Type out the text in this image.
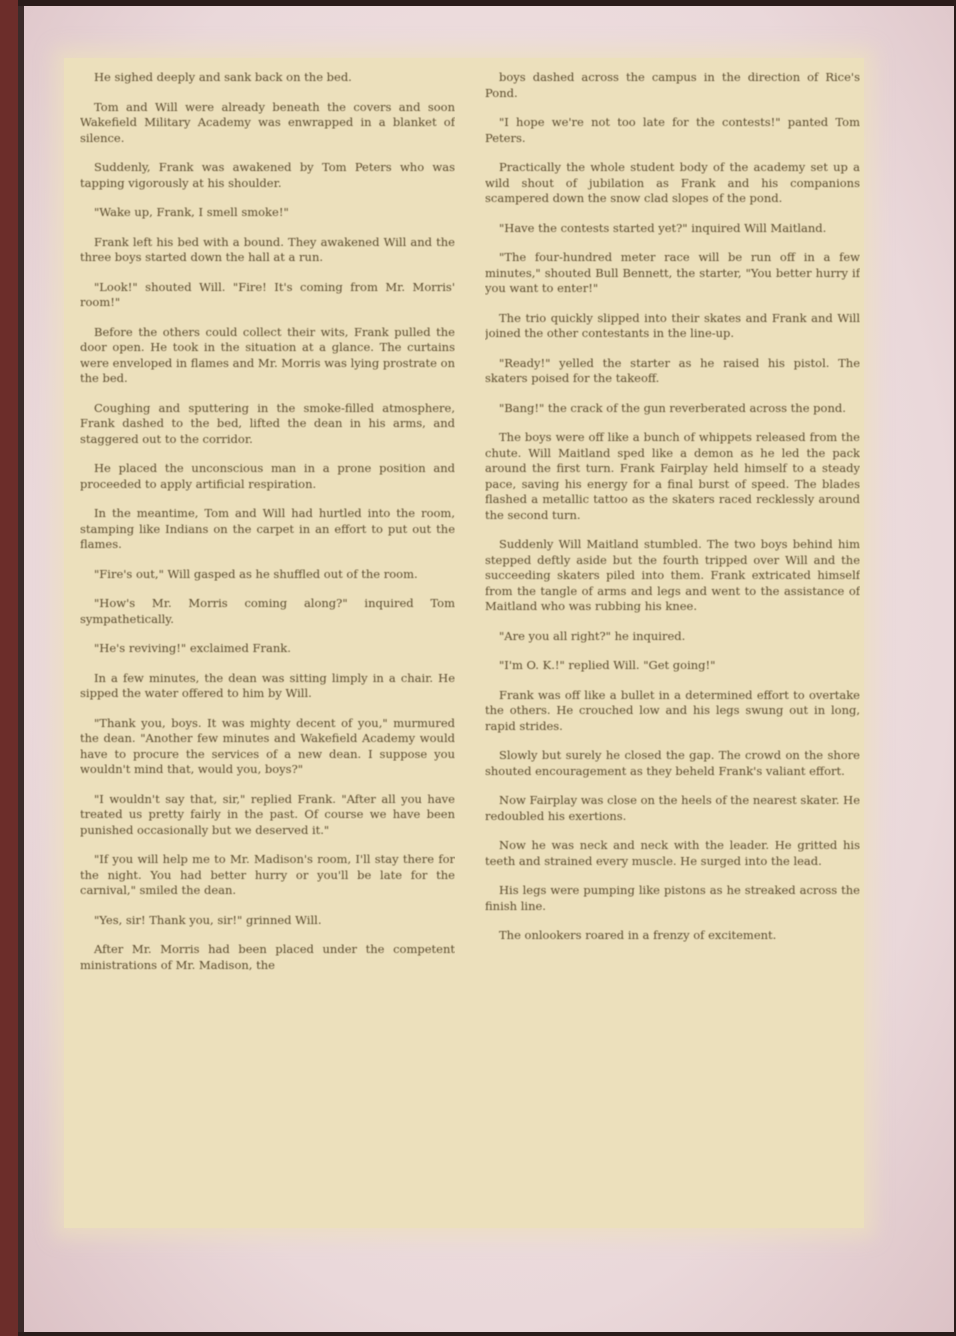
He sighed deeply and sank back on the bed.

Tom and Will were already beneath the covers and soon Wakefield Military Academy was enwrapped in a blanket of silence.

Suddenly, Frank was awakened by Tom Peters who was tapping vigorously at his shoulder.

"Wake up, Frank, I smell smoke!"

Frank left his bed with a bound. They awakened Will and the three boys started down the hall at a run.

"Look!" shouted Will. "Fire! It's coming from Mr. Morris' room!"

Before the others could collect their wits, Frank pulled the door open. He took in the situation at a glance. The curtains were enveloped in flames and Mr. Morris was lying prostrate on the bed.

Coughing and sputtering in the smoke-filled atmosphere, Frank dashed to the bed, lifted the dean in his arms, and staggered out to the corridor.

He placed the unconscious man in a prone position and proceeded to apply artificial respiration.

In the meantime, Tom and Will had hurtled into the room, stamping like Indians on the carpet in an effort to put out the flames.

"Fire's out," Will gasped as he shuffled out of the room.

"How's Mr. Morris coming along?" inquired Tom sympathetically.

"He's reviving!" exclaimed Frank.

In a few minutes, the dean was sitting limply in a chair. He sipped the water offered to him by Will.

"Thank you, boys. It was mighty decent of you," murmured the dean. "Another few minutes and Wakefield Academy would have to procure the services of a new dean. I suppose you wouldn't mind that, would you, boys?"

"I wouldn't say that, sir," replied Frank. "After all you have treated us pretty fairly in the past. Of course we have been punished occasionally but we deserved it."

"If you will help me to Mr. Madison's room, I'll stay there for the night. You had better hurry or you'll be late for the carnival," smiled the dean.

"Yes, sir! Thank you, sir!" grinned Will.

After Mr. Morris had been placed under the competent ministrations of Mr. Madison, the

boys dashed across the campus in the direction of Rice's Pond.

"I hope we're not too late for the contests!" panted Tom Peters.

Practically the whole student body of the academy set up a wild shout of jubilation as Frank and his companions scampered down the snow clad slopes of the pond.

"Have the contests started yet?" inquired Will Maitland.

"The four-hundred meter race will be run off in a few minutes," shouted Bull Bennett, the starter, "You better hurry if you want to enter!"

The trio quickly slipped into their skates and Frank and Will joined the other contestants in the line-up.

"Ready!" yelled the starter as he raised his pistol. The skaters poised for the takeoff.

"Bang!" the crack of the gun reverberated across the pond.

The boys were off like a bunch of whippets released from the chute. Will Maitland sped like a demon as he led the pack around the first turn. Frank Fairplay held himself to a steady pace, saving his energy for a final burst of speed. The blades flashed a metallic tattoo as the skaters raced recklessly around the second turn.

Suddenly Will Maitland stumbled. The two boys behind him stepped deftly aside but the fourth tripped over Will and the succeeding skaters piled into them. Frank extricated himself from the tangle of arms and legs and went to the assistance of Maitland who was rubbing his knee.

"Are you all right?" he inquired.

"I'm O. K.!" replied Will. "Get going!"

Frank was off like a bullet in a determined effort to overtake the others. He crouched low and his legs swung out in long, rapid strides.

Slowly but surely he closed the gap. The crowd on the shore shouted encouragement as they beheld Frank's valiant effort.

Now Fairplay was close on the heels of the nearest skater. He redoubled his exertions.

Now he was neck and neck with the leader. He gritted his teeth and strained every muscle. He surged into the lead.

His legs were pumping like pistons as he streaked across the finish line.

The onlookers roared in a frenzy of excitement.
